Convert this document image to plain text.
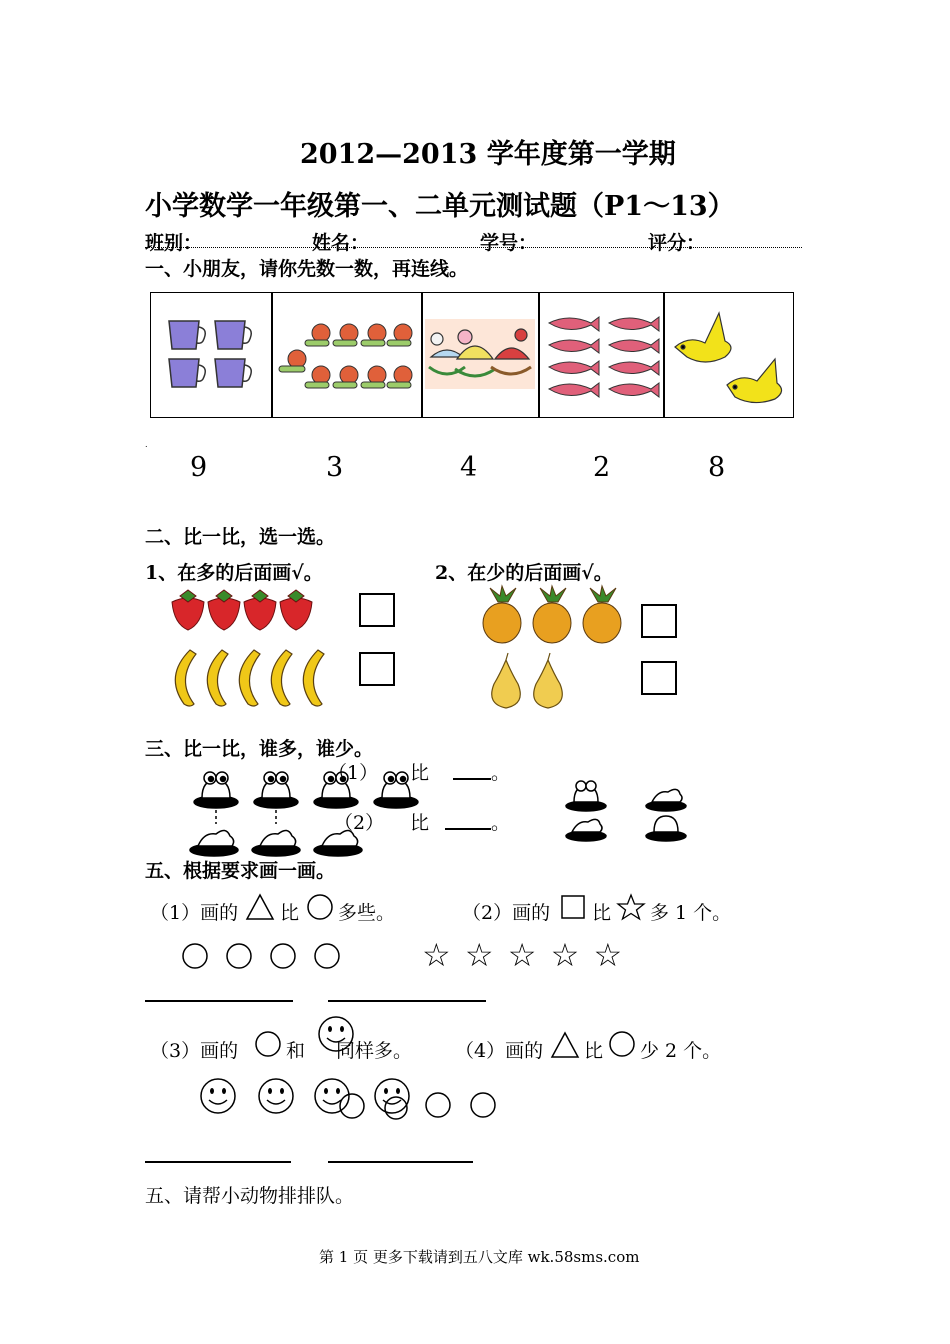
2012—2013 学年度第一学期
小学数学一年级第一、二单元测试题（P1～13）
班别：	姓名：	学号：	评分：
一、小朋友，请你先数一数，再连线。
.
9	3	4	2	8
二、比一比，选一选。
1、在多的后面画√。	2、在少的后面画√。
三、比一比，谁多，谁少。
（1） 比	。
（2） 比	。
五、根据要求画一画。
（1）画的 比 多些。	（2）画的 比 多 1 个。
☆ ☆ ☆ ☆ ☆
（3）画的	和 同样多。 （4）画的 比 少 2 个。
五、请帮小动物排排队。
第 1 页 更多下载请到五八文库 wk.58sms.com
